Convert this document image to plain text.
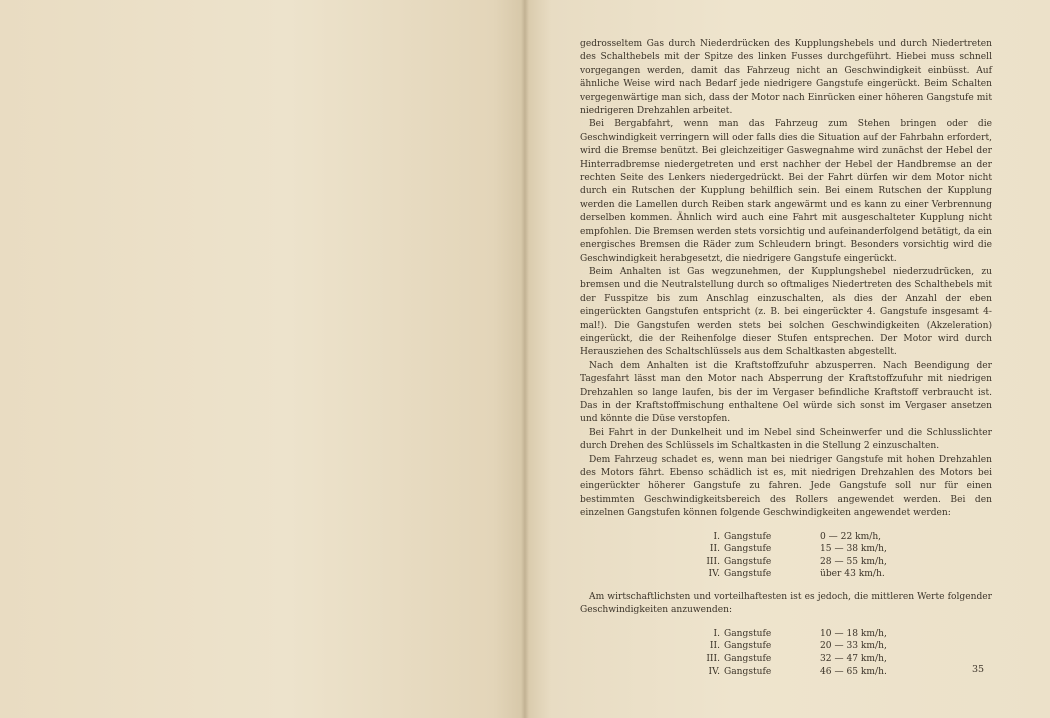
gedrosseltem Gas durch Niederdrücken des Kupplungshebels und durch Niedertreten des Schalthebels mit der Spitze des linken Fusses durchgeführt. Hiebei muss schnell vorgegangen werden, damit das Fahrzeug nicht an Geschwindigkeit einbüsst. Auf ähnliche Weise wird nach Bedarf jede niedrigere Gangstufe eingerückt. Beim Schalten vergegenwärtige man sich, dass der Motor nach Einrücken einer höheren Gangstufe mit niedrigeren Drehzahlen arbeitet.

Bei Bergabfahrt, wenn man das Fahrzeug zum Stehen bringen oder die Geschwindigkeit verringern will oder falls dies die Situation auf der Fahrbahn erfordert, wird die Bremse benützt. Bei gleichzeitiger Gaswegnahme wird zunächst der Hebel der Hinterradbremse niedergetreten und erst nachher der Hebel der Handbremse an der rechten Seite des Lenkers niedergedrückt. Bei der Fahrt dürfen wir dem Motor nicht durch ein Rutschen der Kupplung behilflich sein. Bei einem Rutschen der Kupplung werden die Lamellen durch Reiben stark angewärmt und es kann zu einer Verbrennung derselben kommen. Ähnlich wird auch eine Fahrt mit ausgeschalteter Kupplung nicht empfohlen. Die Bremsen werden stets vorsichtig und aufeinanderfolgend betätigt, da ein energisches Bremsen die Räder zum Schleudern bringt. Besonders vorsichtig wird die Geschwindigkeit herabgesetzt, die niedrigere Gangstufe eingerückt.

Beim Anhalten ist Gas wegzunehmen, der Kupplungshebel niederzudrücken, zu bremsen und die Neutralstellung durch so oftmaliges Niedertreten des Schalthebels mit der Fusspitze bis zum Anschlag einzuschalten, als dies der Anzahl der eben eingerückten Gangstufen entspricht (z. B. bei eingerückter 4. Gangstufe insgesamt 4-mal!). Die Gangstufen werden stets bei solchen Geschwindigkeiten (Akzeleration) eingerückt, die der Reihenfolge dieser Stufen entsprechen. Der Motor wird durch Herausziehen des Schaltschlüssels aus dem Schaltkasten abgestellt.

Nach dem Anhalten ist die Kraftstoffzufuhr abzusperren. Nach Beendigung der Tagesfahrt lässt man den Motor nach Absperrung der Kraftstoffzufuhr mit niedrigen Drehzahlen so lange laufen, bis der im Vergaser befindliche Kraftstoff verbraucht ist. Das in der Kraftstoffmischung enthaltene Oel würde sich sonst im Vergaser ansetzen und könnte die Düse verstopfen.

Bei Fahrt in der Dunkelheit und im Nebel sind Scheinwerfer und die Schlusslichter durch Drehen des Schlüssels im Schaltkasten in die Stellung 2 einzuschalten.

Dem Fahrzeug schadet es, wenn man bei niedriger Gangstufe mit hohen Drehzahlen des Motors fährt. Ebenso schädlich ist es, mit niedrigen Drehzahlen des Motors bei eingerückter höherer Gangstufe zu fahren. Jede Gangstufe soll nur für einen bestimmten Geschwindigkeitsbereich des Rollers angewendet werden. Bei den einzelnen Gangstufen können folgende Geschwindigkeiten angewendet werden:

I.	Gangstufe	0 — 22 km/h,
II.	Gangstufe	15 — 38 km/h,
III.	Gangstufe	28 — 55 km/h,
IV.	Gangstufe	über 43 km/h.

Am wirtschaftlichsten und vorteilhaftesten ist es jedoch, die mittleren Werte folgender Geschwindigkeiten anzuwenden:

I.	Gangstufe	10 — 18 km/h,
II.	Gangstufe	20 — 33 km/h,
III.	Gangstufe	32 — 47 km/h,
IV.	Gangstufe	46 — 65 km/h.	35
